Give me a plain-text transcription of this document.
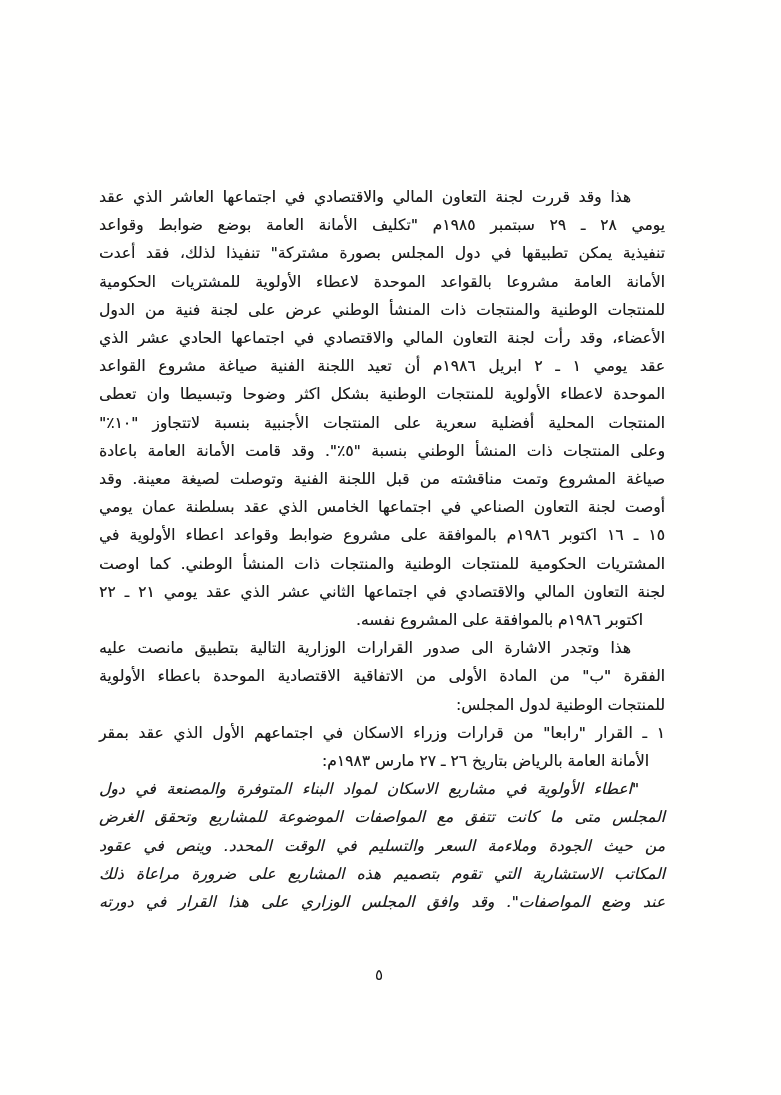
هذا وقد قررت لجنة التعاون المالي والاقتصادي في اجتماعها العاشر الذي عقد
يومي ٢٨ ـ ٢٩ سبتمبر ١٩٨٥م "تكليف الأمانة العامة بوضع ضوابط وقواعد
تنفيذية يمكن تطبيقها في دول المجلس بصورة مشتركة" تنفيذا لذلك، فقد أعدت
الأمانة العامة مشروعا بالقواعد الموحدة لاعطاء الأولوية للمشتريات الحكومية
للمنتجات الوطنية والمنتجات ذات المنشأ الوطني عرض على لجنة فنية من الدول
الأعضاء، وقد رأت لجنة التعاون المالي والاقتصادي في اجتماعها الحادي عشر الذي
عقد يومي ١ ـ ٢ ابريل ١٩٨٦م أن تعيد اللجنة الفنية صياغة مشروع القواعد
الموحدة لاعطاء الأولوية للمنتجات الوطنية بشكل اكثر وضوحا وتبسيطا وان تعطى
المنتجات المحلية أفضلية سعرية على المنتجات الأجنبية بنسبة لاتتجاوز "١٠٪"
وعلى المنتجات ذات المنشأ الوطني بنسبة "٥٪". وقد قامت الأمانة العامة باعادة
صياغة المشروع وتمت مناقشته من قبل اللجنة الفنية وتوصلت لصيغة معينة. وقد
أوصت لجنة التعاون الصناعي في اجتماعها الخامس الذي عقد بسلطنة عمان يومي
١٥ ـ ١٦ اكتوبر ١٩٨٦م بالموافقة على مشروع ضوابط وقواعد اعطاء الأولوية في
المشتريات الحكومية للمنتجات الوطنية والمنتجات ذات المنشأ الوطني. كما اوصت
لجنة التعاون المالي والاقتصادي في اجتماعها الثاني عشر الذي عقد يومي ٢١ ـ ٢٢
اكتوبر ١٩٨٦م بالموافقة على المشروع نفسه.
هذا وتجدر الاشارة الى صدور القرارات الوزارية التالية بتطبيق مانصت عليه
الفقرة "ب" من المادة الأولى من الاتفاقية الاقتصادية الموحدة باعطاء الأولوية
للمنتجات الوطنية لدول المجلس:
١ ـ القرار "رابعا" من قرارات وزراء الاسكان في اجتماعهم الأول الذي عقد بمقر
الأمانة العامة بالرياض بتاريخ ٢٦ ـ ٢٧ مارس ١٩٨٣م:
"اعطاء الأولوية في مشاريع الاسكان لمواد البناء المتوفرة والمصنعة في دول
المجلس متى ما كانت تتفق مع المواصفات الموضوعة للمشاريع وتحقق الغرض
من حيث الجودة وملاءمة السعر والتسليم في الوقت المحدد. وينص في عقود
المكاتب الاستشارية التي تقوم بتصميم هذه المشاريع على ضرورة مراعاة ذلك
عند وضع المواصفات". وقد وافق المجلس الوزاري على هذا القرار في دورته
٥
